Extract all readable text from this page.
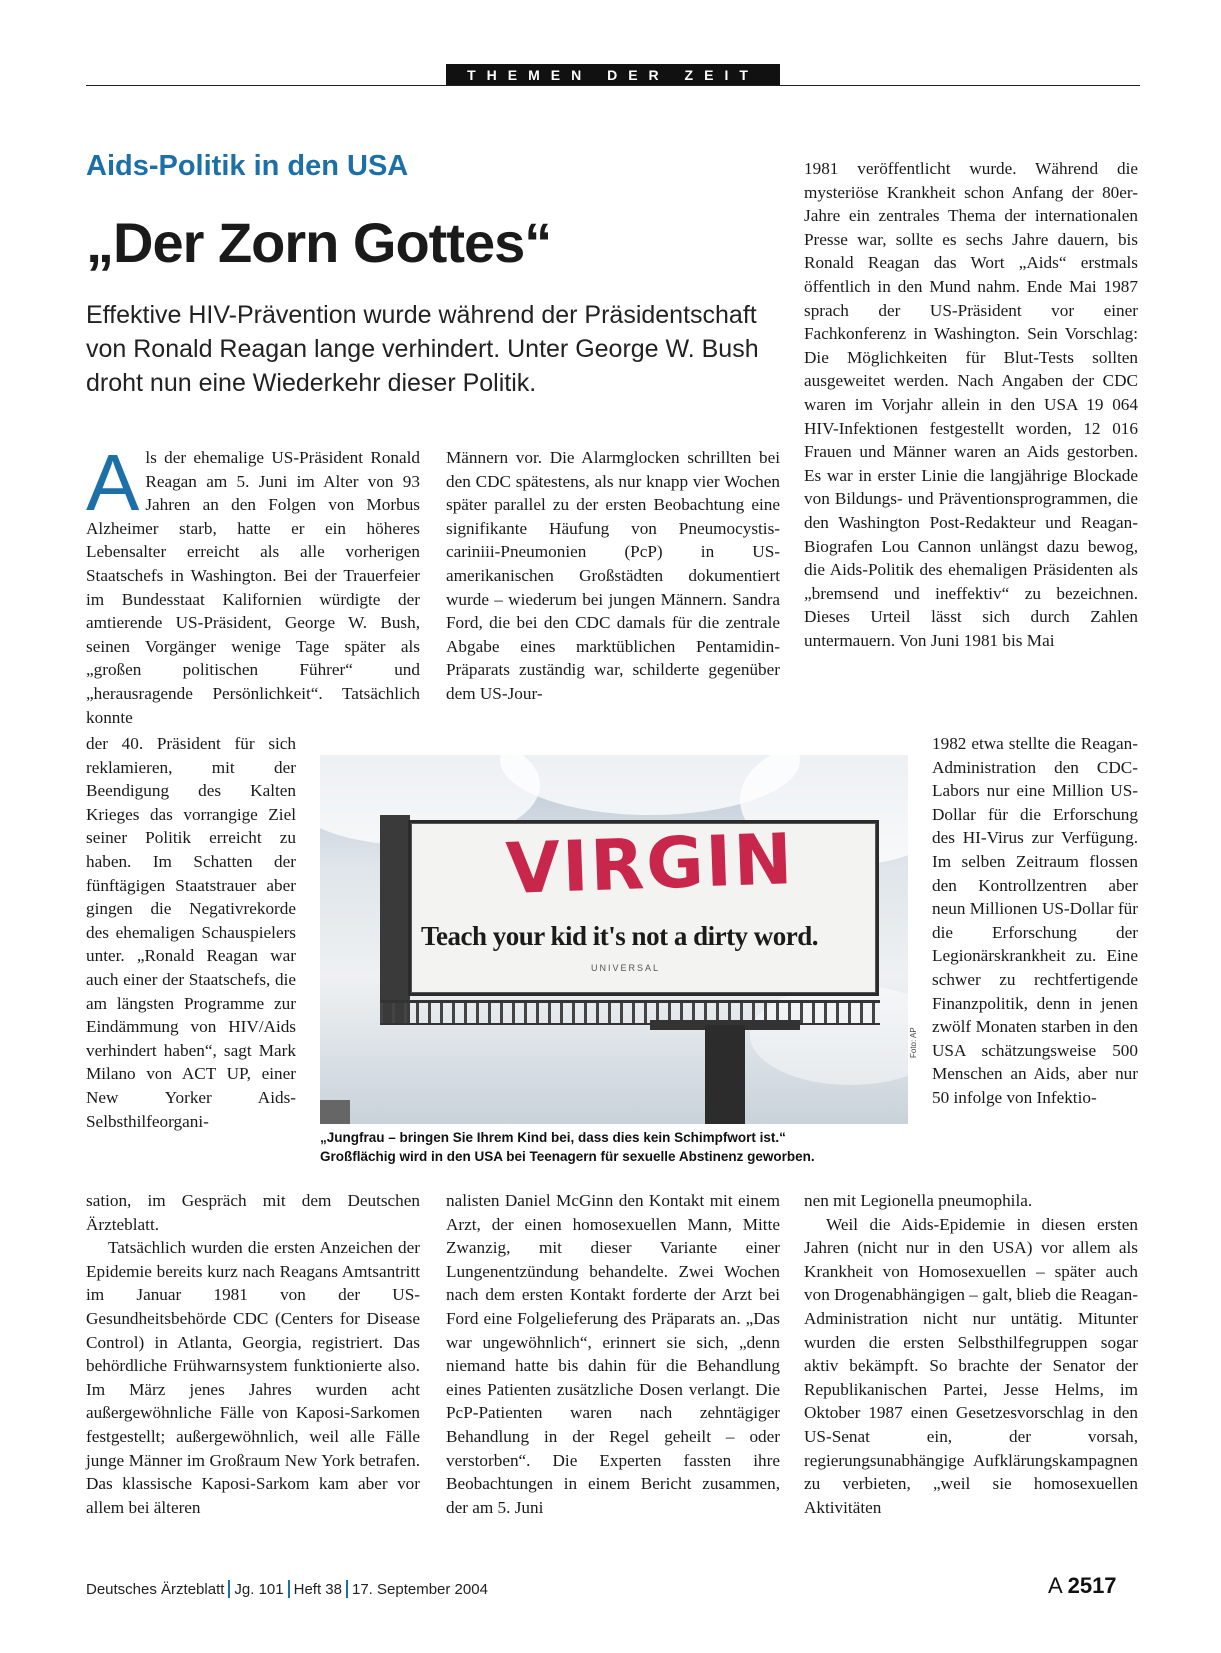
THEMEN DER ZEIT
Aids-Politik in den USA
„Der Zorn Gottes“
Effektive HIV-Prävention wurde während der Präsidentschaft von Ronald Reagan lange verhindert. Unter George W. Bush droht nun eine Wiederkehr dieser Politik.
A ls der ehemalige US-Präsident Ronald Reagan am 5. Juni im Alter von 93 Jahren an den Folgen von Morbus Alzheimer starb, hatte er ein höheres Lebensalter erreicht als alle vorherigen Staatschefs in Washington. Bei der Trauerfeier im Bundesstaat Kalifornien würdigte der amtierende US-Präsident, George W. Bush, seinen Vorgänger wenige Tage später als „großen politischen Führer“ und „herausragende Persönlichkeit“. Tatsächlich konnte

der 40. Präsident für sich reklamieren, mit der Beendigung des Kalten Krieges das vorrangige Ziel seiner Politik erreicht zu haben. Im Schatten der fünftägigen Staatstrauer aber gingen die Negativrekorde des ehemaligen Schauspielers unter. „Ronald Reagan war auch einer der Staatschefs, die am längsten Programme zur Eindämmung von HIV/Aids verhindert haben“, sagt Mark Milano von ACT UP, einer New Yorker Aids-Selbsthilfeorgani-

sation, im Gespräch mit dem Deutschen Ärzteblatt.

Tatsächlich wurden die ersten Anzeichen der Epidemie bereits kurz nach Reagans Amtsantritt im Januar 1981 von der US-Gesundheitsbehörde CDC (Centers for Disease Control) in Atlanta, Georgia, registriert. Das behördliche Frühwarnsystem funktionierte also. Im März jenes Jahres wurden acht außergewöhnliche Fälle von Kaposi-Sarkomen festgestellt; außergewöhnlich, weil alle Fälle junge Männer im Großraum New York betrafen. Das klassische Kaposi-Sarkom kam aber vor allem bei älteren

Männern vor. Die Alarmglocken schrillten bei den CDC spätestens, als nur knapp vier Wochen später parallel zu der ersten Beobachtung eine signifikante Häufung von Pneumocystis-cariniii-Pneumonien (PcP) in US-amerikanischen Großstädten dokumentiert wurde – wiederum bei jungen Männern. Sandra Ford, die bei den CDC damals für die zentrale Abgabe eines marktüblichen Pentamidin-Präparats zuständig war, schilderte gegenüber dem US-Jour-

nalisten Daniel McGinn den Kontakt mit einem Arzt, der einen homosexuellen Mann, Mitte Zwanzig, mit dieser Variante einer Lungenentzündung behandelte. Zwei Wochen nach dem ersten Kontakt forderte der Arzt bei Ford eine Folgelieferung des Präparats an. „Das war ungewöhnlich“, erinnert sie sich, „denn niemand hatte bis dahin für die Behandlung eines Patienten zusätzliche Dosen verlangt. Die PcP-Patienten waren nach zehntägiger Behandlung in der Regel geheilt – oder verstorben“. Die Experten fassten ihre Beobachtungen in einem Bericht zusammen, der am 5. Juni

1981 veröffentlicht wurde. Während die mysteriöse Krankheit schon Anfang der 80er-Jahre ein zentrales Thema der internationalen Presse war, sollte es sechs Jahre dauern, bis Ronald Reagan das Wort „Aids“ erstmals öffentlich in den Mund nahm. Ende Mai 1987 sprach der US-Präsident vor einer Fachkonferenz in Washington. Sein Vorschlag: Die Möglichkeiten für Blut-Tests sollten ausgeweitet werden. Nach Angaben der CDC waren im Vorjahr allein in den USA 19 064 HIV-Infektionen festgestellt worden, 12 016 Frauen und Männer waren an Aids gestorben. Es war in erster Linie die langjährige Blockade von Bildungs- und Präventionsprogrammen, die den Washington Post-Redakteur und Reagan-Biografen Lou Cannon unlängst dazu bewog, die Aids-Politik des ehemaligen Präsidenten als „bremsend und ineffektiv“ zu bezeichnen. Dieses Urteil lässt sich durch Zahlen untermauern. Von Juni 1981 bis Mai

1982 etwa stellte die Reagan-Administration den CDC-Labors nur eine Million US-Dollar für die Erforschung des HI-Virus zur Verfügung. Im selben Zeitraum flossen den Kontrollzentren aber neun Millionen US-Dollar für die Erforschung der Legionärskrankheit zu. Eine schwer zu rechtfertigende Finanzpolitik, denn in jenen zwölf Monaten starben in den USA schätzungsweise 500 Menschen an Aids, aber nur 50 infolge von Infektio-

nen mit Legionella pneumophila.

Weil die Aids-Epidemie in diesen ersten Jahren (nicht nur in den USA) vor allem als Krankheit von Homosexuellen – später auch von Drogenabhängigen – galt, blieb die Reagan-Administration nicht nur untätig. Mitunter wurden die ersten Selbsthilfegruppen sogar aktiv bekämpft. So brachte der Senator der Republikanischen Partei, Jesse Helms, im Oktober 1987 einen Gesetzesvorschlag in den US-Senat ein, der vorsah, regierungsunabhängige Aufklärungskampagnen zu verbieten, „weil sie homosexuellen Aktivitäten

VIRGIN
Teach your kid it's not a dirty word.
UNIVERSAL
Foto: AP
„Jungfrau – bringen Sie Ihrem Kind bei, dass dies kein Schimpfwort ist.“
Großflächig wird in den USA bei Teenagern für sexuelle Abstinenz geworben.
Deutsches Ärzteblatt Jg. 101 Heft 38 17. September 2004	A 2517
